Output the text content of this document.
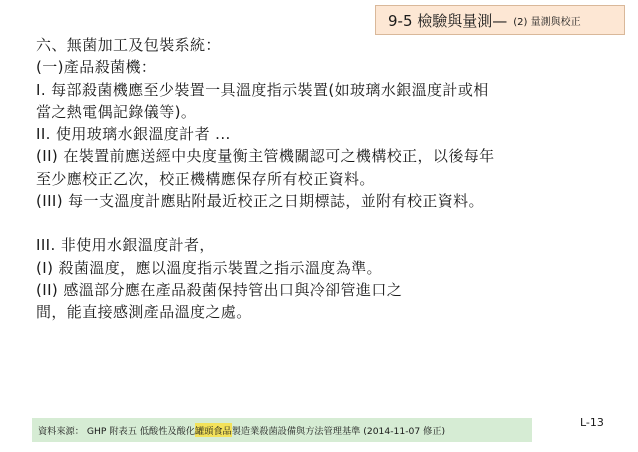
9-5 檢驗與量測— (2) 量測與校正
六、無菌加工及包裝系統：
(一)產品殺菌機：
I. 每部殺菌機應至少裝置一具溫度指示裝置(如玻璃水銀溫度計或相
當之熱電偶記錄儀等)。
II. 使用玻璃水銀溫度計者 ...
(II) 在裝置前應送經中央度量衡主管機關認可之機構校正，以後每年
至少應校正乙次，校正機構應保存所有校正資料。
(III) 每一支溫度計應貼附最近校正之日期標誌，並附有校正資料。
III. 非使用水銀溫度計者，
(I) 殺菌溫度，應以溫度指示裝置之指示溫度為準。
(II) 感溫部分應在產品殺菌保持管出口與冷卻管進口之
間，能直接感測產品溫度之處。
資料來源： GHP 附表五 低酸性及酸化 罐頭食品 製造業殺菌設備與方法管理基準 (2014-11-07 修正)
L-13
